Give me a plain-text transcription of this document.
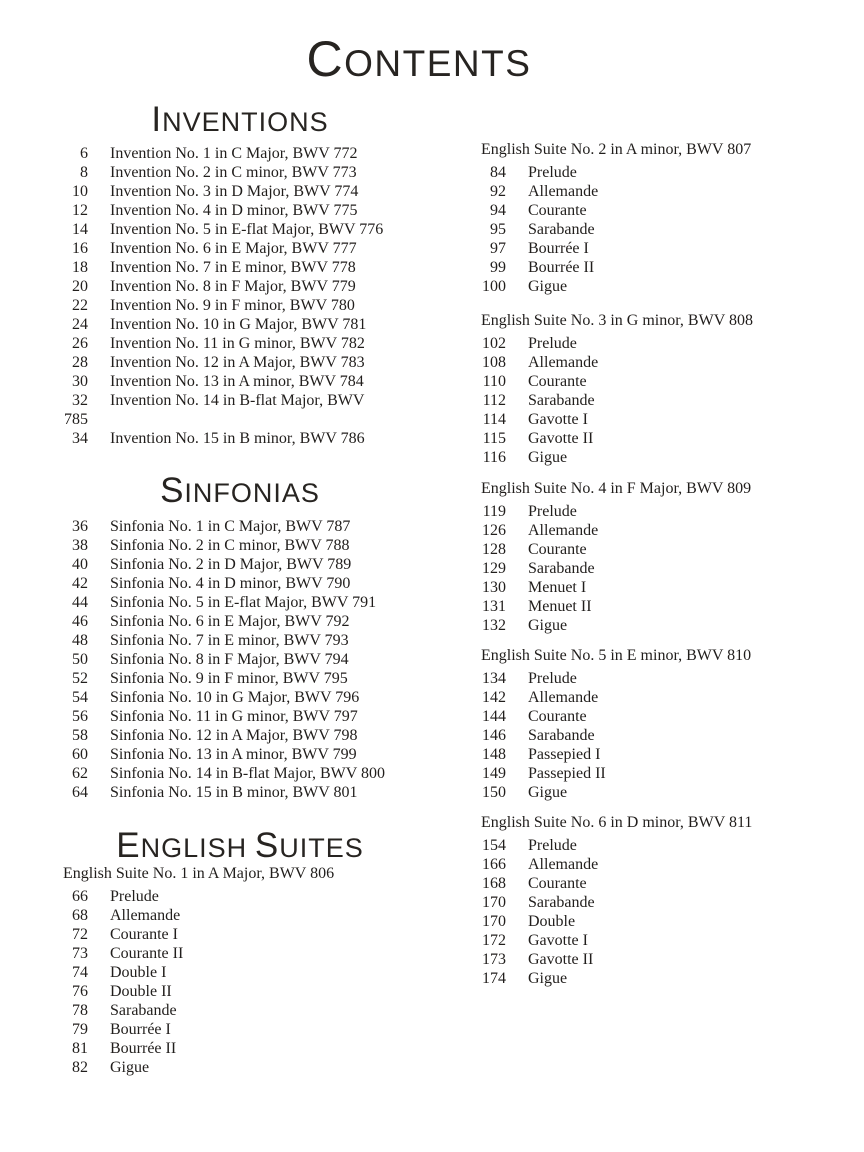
CONTENTS
INVENTIONS
6 Invention No. 1 in C Major, BWV 772
8 Invention No. 2 in C minor, BWV 773
10 Invention No. 3 in D Major, BWV 774
12 Invention No. 4 in D minor, BWV 775
14 Invention No. 5 in E-flat Major, BWV 776
16 Invention No. 6 in E Major, BWV 777
18 Invention No. 7 in E minor, BWV 778
20 Invention No. 8 in F Major, BWV 779
22 Invention No. 9 in F minor, BWV 780
24 Invention No. 10 in G Major, BWV 781
26 Invention No. 11 in G minor, BWV 782
28 Invention No. 12 in A Major, BWV 783
30 Invention No. 13 in A minor, BWV 784
32 Invention No. 14 in B-flat Major, BWV
785
34 Invention No. 15 in B minor, BWV 786
SINFONIAS
36 Sinfonia No. 1 in C Major, BWV 787
38 Sinfonia No. 2 in C minor, BWV 788
40 Sinfonia No. 2 in D Major, BWV 789
42 Sinfonia No. 4 in D minor, BWV 790
44 Sinfonia No. 5 in E-flat Major, BWV 791
46 Sinfonia No. 6 in E Major, BWV 792
48 Sinfonia No. 7 in E minor, BWV 793
50 Sinfonia No. 8 in F Major, BWV 794
52 Sinfonia No. 9 in F minor, BWV 795
54 Sinfonia No. 10 in G Major, BWV 796
56 Sinfonia No. 11 in G minor, BWV 797
58 Sinfonia No. 12 in A Major, BWV 798
60 Sinfonia No. 13 in A minor, BWV 799
62 Sinfonia No. 14 in B-flat Major, BWV 800
64 Sinfonia No. 15 in B minor, BWV 801
ENGLISH SUITES
English Suite No. 1 in A Major, BWV 806
66 Prelude
68 Allemande
72 Courante I
73 Courante II
74 Double I
76 Double II
78 Sarabande
79 Bourrée I
81 Bourrée II
82 Gigue
English Suite No. 2 in A minor, BWV 807
84 Prelude
92 Allemande
94 Courante
95 Sarabande
97 Bourrée I
99 Bourrée II
100 Gigue
English Suite No. 3 in G minor, BWV 808
102 Prelude
108 Allemande
110 Courante
112 Sarabande
114 Gavotte I
115 Gavotte II
116 Gigue
English Suite No. 4 in F Major, BWV 809
119 Prelude
126 Allemande
128 Courante
129 Sarabande
130 Menuet I
131 Menuet II
132 Gigue
English Suite No. 5 in E minor, BWV 810
134 Prelude
142 Allemande
144 Courante
146 Sarabande
148 Passepied I
149 Passepied II
150 Gigue
English Suite No. 6 in D minor, BWV 811
154 Prelude
166 Allemande
168 Courante
170 Sarabande
170 Double
172 Gavotte I
173 Gavotte II
174 Gigue
